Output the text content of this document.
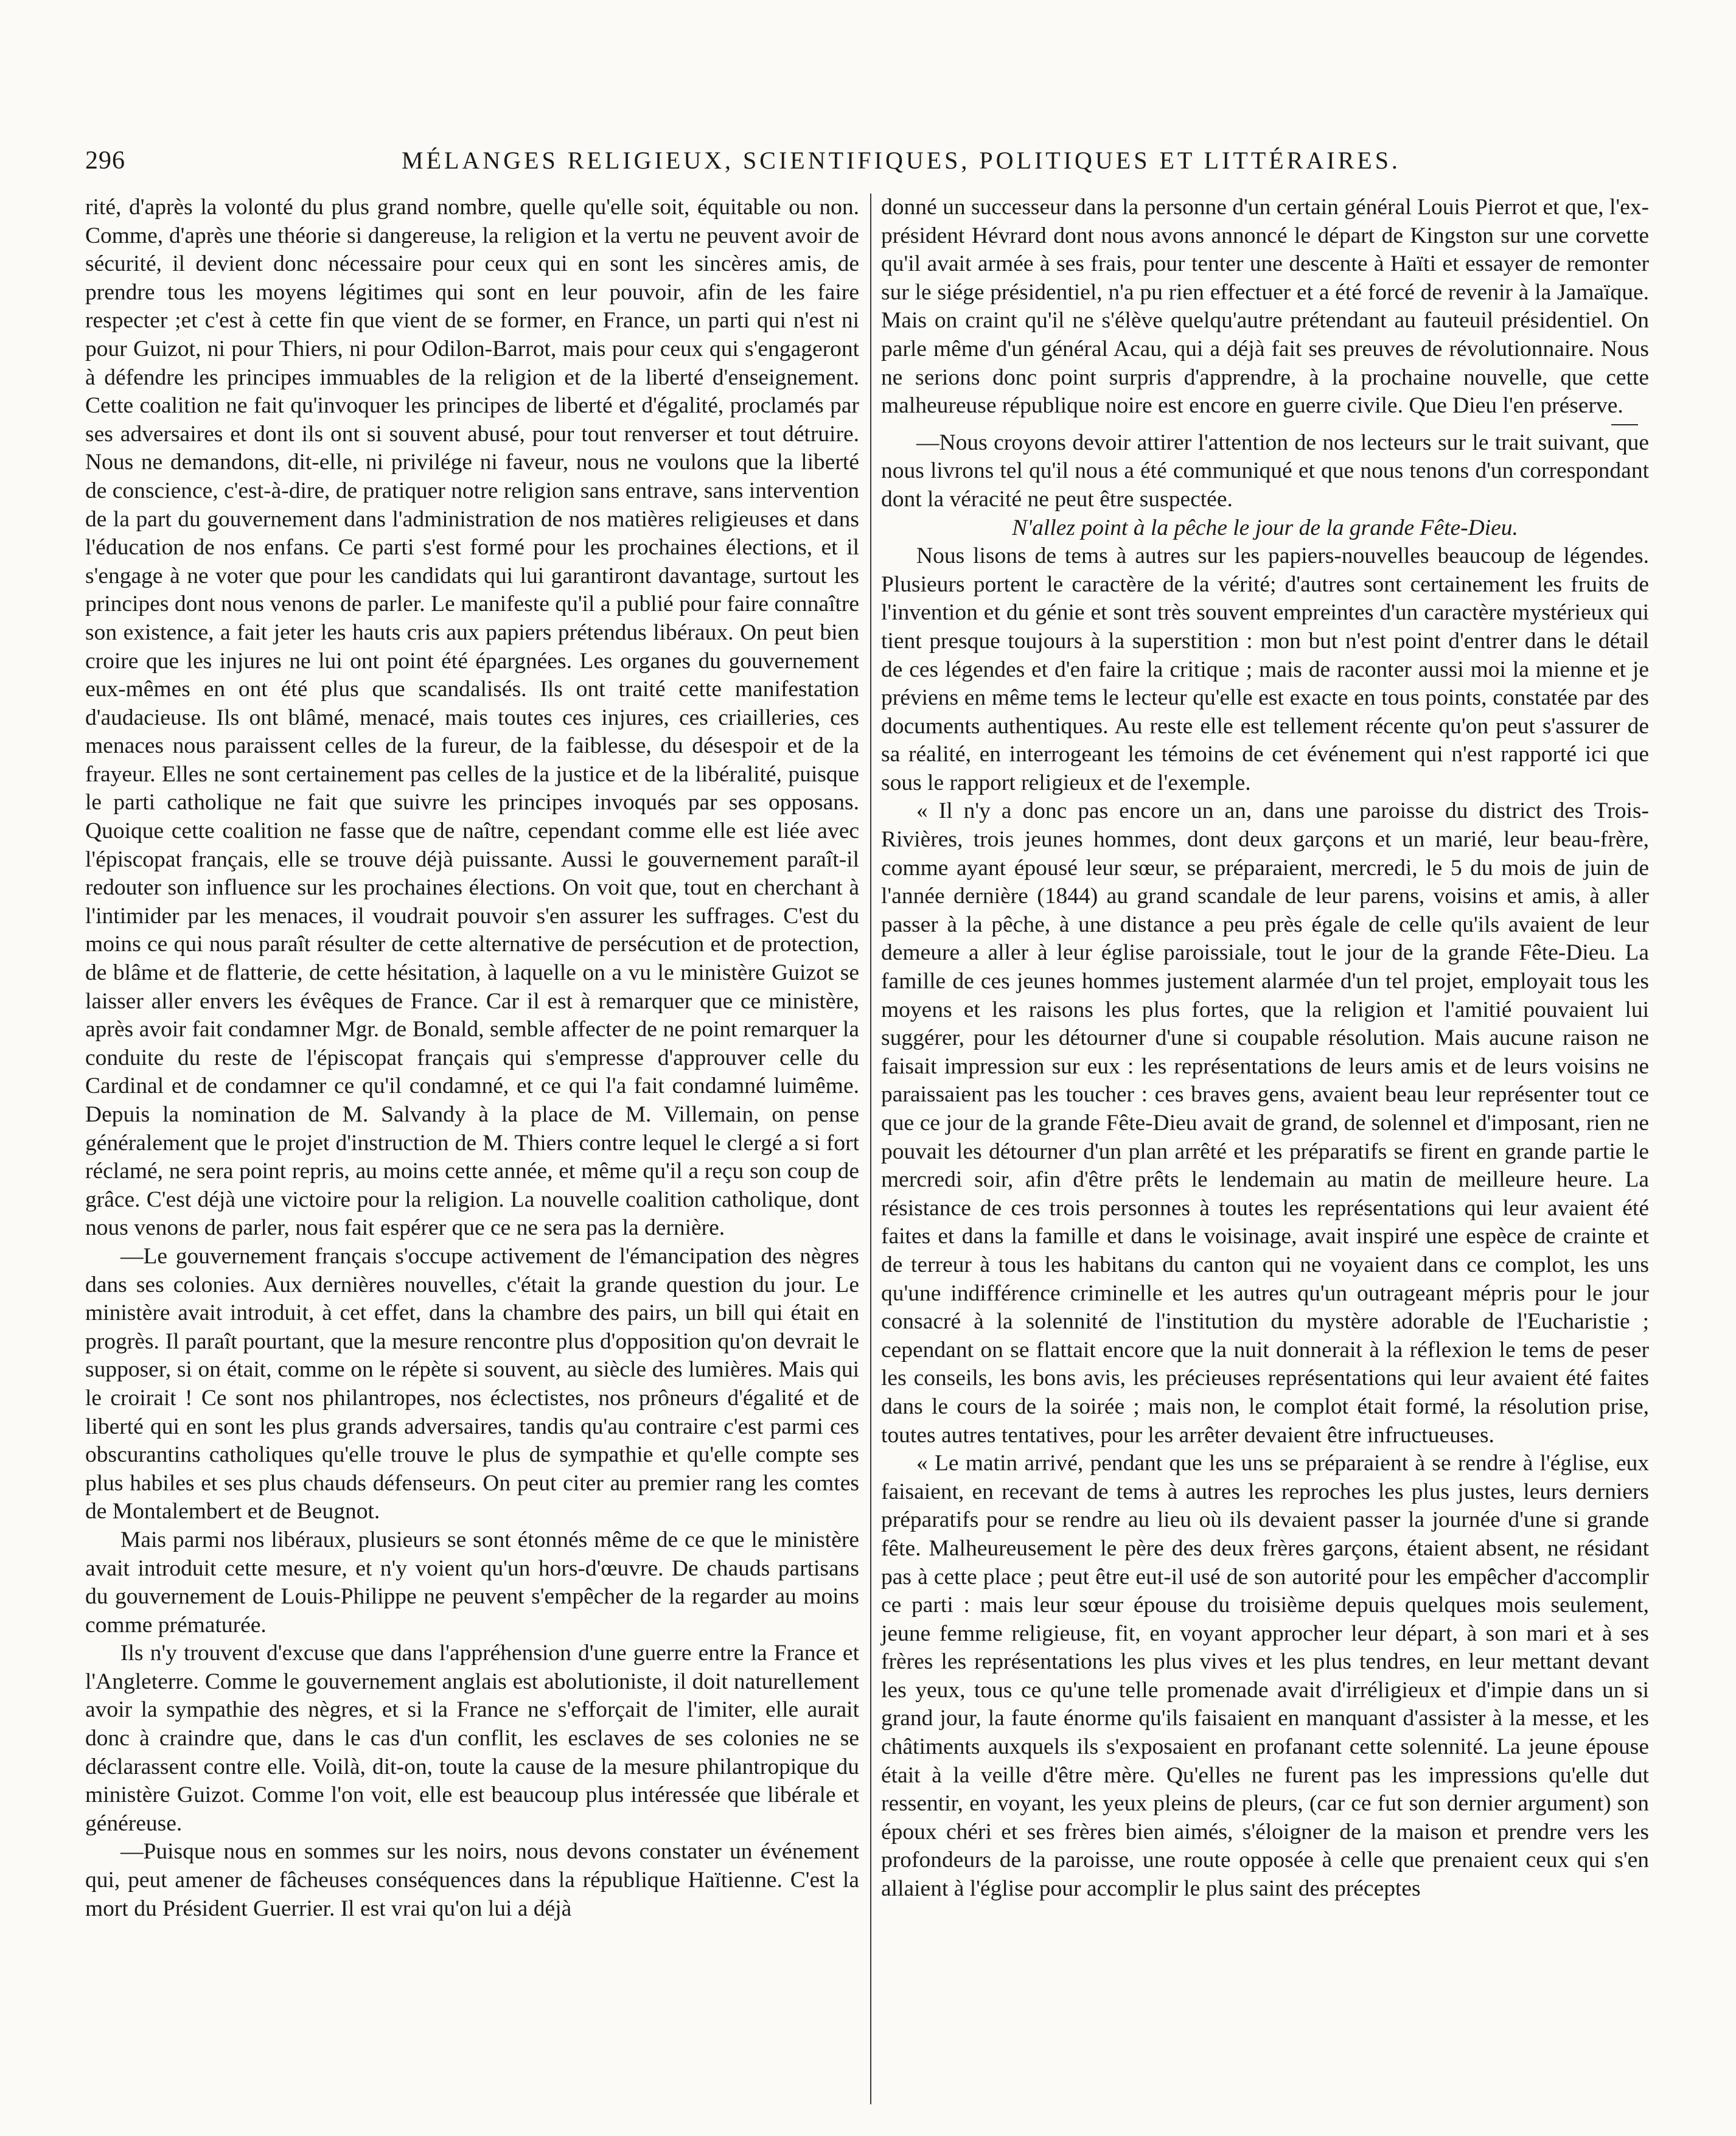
296	MÉLANGES RELIGIEUX, SCIENTIFIQUES, POLITIQUES ET LITTÉRAIRES.

rité, d'après la volonté du plus grand nombre, quelle qu'elle soit, équitable ou non. Comme, d'après une théorie si dangereuse, la religion et la vertu ne peuvent avoir de sécurité, il devient donc nécessaire pour ceux qui en sont les sincères amis, de prendre tous les moyens légitimes qui sont en leur pouvoir, afin de les faire respecter ;et c'est à cette fin que vient de se former, en France, un parti qui n'est ni pour Guizot, ni pour Thiers, ni pour Odilon-Barrot, mais pour ceux qui s'engageront à défendre les principes immuables de la religion et de la liberté d'enseignement. Cette coalition ne fait qu'invoquer les principes de liberté et d'égalité, proclamés par ses adversaires et dont ils ont si souvent abusé, pour tout renverser et tout détruire. Nous ne demandons, dit-elle, ni privilége ni faveur, nous ne voulons que la liberté de conscience, c'est-à-dire, de pratiquer notre religion sans entrave, sans intervention de la part du gouvernement dans l'administration de nos matières religieuses et dans l'éducation de nos enfans. Ce parti s'est formé pour les prochaines élections, et il s'engage à ne voter que pour les candidats qui lui garantiront davantage, surtout les principes dont nous venons de parler. Le manifeste qu'il a publié pour faire connaître son existence, a fait jeter les hauts cris aux papiers prétendus libéraux. On peut bien croire que les injures ne lui ont point été épargnées. Les organes du gouvernement eux-mêmes en ont été plus que scandalisés. Ils ont traité cette manifestation d'audacieuse. Ils ont blâmé, menacé, mais toutes ces injures, ces criailleries, ces menaces nous paraissent celles de la fureur, de la faiblesse, du désespoir et de la frayeur. Elles ne sont certainement pas celles de la justice et de la libéralité, puisque le parti catholique ne fait que suivre les principes invoqués par ses opposans. Quoique cette coalition ne fasse que de naître, cependant comme elle est liée avec l'épiscopat français, elle se trouve déjà puissante. Aussi le gouvernement paraît-il redouter son influence sur les prochaines élections. On voit que, tout en cherchant à l'intimider par les menaces, il voudrait pouvoir s'en assurer les suffrages. C'est du moins ce qui nous paraît résulter de cette alternative de persécution et de protection, de blâme et de flatterie, de cette hésitation, à laquelle on a vu le ministère Guizot se laisser aller envers les évêques de France. Car il est à remarquer que ce ministère, après avoir fait condamner Mgr. de Bonald, semble affecter de ne point remarquer la conduite du reste de l'épiscopat français qui s'empresse d'approuver celle du Cardinal et de condamner ce qu'il condamné, et ce qui l'a fait condamné luimême. Depuis la nomination de M. Salvandy à la place de M. Villemain, on pense généralement que le projet d'instruction de M. Thiers contre lequel le clergé a si fort réclamé, ne sera point repris, au moins cette année, et même qu'il a reçu son coup de grâce. C'est déjà une victoire pour la religion. La nouvelle coalition catholique, dont nous venons de parler, nous fait espérer que ce ne sera pas la dernière.

—Le gouvernement français s'occupe activement de l'émancipation des nègres dans ses colonies. Aux dernières nouvelles, c'était la grande question du jour. Le ministère avait introduit, à cet effet, dans la chambre des pairs, un bill qui était en progrès. Il paraît pourtant, que la mesure rencontre plus d'opposition qu'on devrait le supposer, si on était, comme on le répète si souvent, au siècle des lumières. Mais qui le croirait ! Ce sont nos philantropes, nos éclectistes, nos prôneurs d'égalité et de liberté qui en sont les plus grands adversaires, tandis qu'au contraire c'est parmi ces obscurantins catholiques qu'elle trouve le plus de sympathie et qu'elle compte ses plus habiles et ses plus chauds défenseurs. On peut citer au premier rang les comtes de Montalembert et de Beugnot.

Mais parmi nos libéraux, plusieurs se sont étonnés même de ce que le ministère avait introduit cette mesure, et n'y voient qu'un hors-d'œuvre. De chauds partisans du gouvernement de Louis-Philippe ne peuvent s'empêcher de la regarder au moins comme prématurée.

Ils n'y trouvent d'excuse que dans l'appréhension d'une guerre entre la France et l'Angleterre. Comme le gouvernement anglais est abolutioniste, il doit naturellement avoir la sympathie des nègres, et si la France ne s'efforçait de l'imiter, elle aurait donc à craindre que, dans le cas d'un conflit, les esclaves de ses colonies ne se déclarassent contre elle. Voilà, dit-on, toute la cause de la mesure philantropique du ministère Guizot. Comme l'on voit, elle est beaucoup plus intéressée que libérale et généreuse.

—Puisque nous en sommes sur les noirs, nous devons constater un événement qui, peut amener de fâcheuses conséquences dans la république Haïtienne. C'est la mort du Président Guerrier. Il est vrai qu'on lui a déjà

donné un successeur dans la personne d'un certain général Louis Pierrot et que, l'ex-président Hévrard dont nous avons annoncé le départ de Kingston sur une corvette qu'il avait armée à ses frais, pour tenter une descente à Haïti et essayer de remonter sur le siége présidentiel, n'a pu rien effectuer et a été forcé de revenir à la Jamaïque. Mais on craint qu'il ne s'élève quelqu'autre prétendant au fauteuil présidentiel. On parle même d'un général Acau, qui a déjà fait ses preuves de révolutionnaire. Nous ne serions donc point surpris d'apprendre, à la prochaine nouvelle, que cette malheureuse république noire est encore en guerre civile. Que Dieu l'en préserve.

—Nous croyons devoir attirer l'attention de nos lecteurs sur le trait suivant, que nous livrons tel qu'il nous a été communiqué et que nous tenons d'un correspondant dont la véracité ne peut être suspectée.

N'allez point à la pêche le jour de la grande Fête-Dieu.

Nous lisons de tems à autres sur les papiers-nouvelles beaucoup de légendes. Plusieurs portent le caractère de la vérité; d'autres sont certainement les fruits de l'invention et du génie et sont très souvent empreintes d'un caractère mystérieux qui tient presque toujours à la superstition : mon but n'est point d'entrer dans le détail de ces légendes et d'en faire la critique ; mais de raconter aussi moi la mienne et je préviens en même tems le lecteur qu'elle est exacte en tous points, constatée par des documents authentiques. Au reste elle est tellement récente qu'on peut s'assurer de sa réalité, en interrogeant les témoins de cet événement qui n'est rapporté ici que sous le rapport religieux et de l'exemple.

« Il n'y a donc pas encore un an, dans une paroisse du district des Trois-Rivières, trois jeunes hommes, dont deux garçons et un marié, leur beau-frère, comme ayant épousé leur sœur, se préparaient, mercredi, le 5 du mois de juin de l'année dernière (1844) au grand scandale de leur parens, voisins et amis, à aller passer à la pêche, à une distance a peu près égale de celle qu'ils avaient de leur demeure a aller à leur église paroissiale, tout le jour de la grande Fête-Dieu. La famille de ces jeunes hommes justement alarmée d'un tel projet, employait tous les moyens et les raisons les plus fortes, que la religion et l'amitié pouvaient lui suggérer, pour les détourner d'une si coupable résolution. Mais aucune raison ne faisait impression sur eux : les représentations de leurs amis et de leurs voisins ne paraissaient pas les toucher : ces braves gens, avaient beau leur représenter tout ce que ce jour de la grande Fête-Dieu avait de grand, de solennel et d'imposant, rien ne pouvait les détourner d'un plan arrêté et les préparatifs se firent en grande partie le mercredi soir, afin d'être prêts le lendemain au matin de meilleure heure. La résistance de ces trois personnes à toutes les représentations qui leur avaient été faites et dans la famille et dans le voisinage, avait inspiré une espèce de crainte et de terreur à tous les habitans du canton qui ne voyaient dans ce complot, les uns qu'une indifférence criminelle et les autres qu'un outrageant mépris pour le jour consacré à la solennité de l'institution du mystère adorable de l'Eucharistie ; cependant on se flattait encore que la nuit donnerait à la réflexion le tems de peser les conseils, les bons avis, les précieuses représentations qui leur avaient été faites dans le cours de la soirée ; mais non, le complot était formé, la résolution prise, toutes autres tentatives, pour les arrêter devaient être infructueuses.

« Le matin arrivé, pendant que les uns se préparaient à se rendre à l'église, eux faisaient, en recevant de tems à autres les reproches les plus justes, leurs derniers préparatifs pour se rendre au lieu où ils devaient passer la journée d'une si grande fête. Malheureusement le père des deux frères garçons, étaient absent, ne résidant pas à cette place ; peut être eut-il usé de son autorité pour les empêcher d'accomplir ce parti : mais leur sœur épouse du troisième depuis quelques mois seulement, jeune femme religieuse, fit, en voyant approcher leur départ, à son mari et à ses frères les représentations les plus vives et les plus tendres, en leur mettant devant les yeux, tous ce qu'une telle promenade avait d'irréligieux et d'impie dans un si grand jour, la faute énorme qu'ils faisaient en manquant d'assister à la messe, et les châtiments auxquels ils s'exposaient en profanant cette solennité. La jeune épouse était à la veille d'être mère. Qu'elles ne furent pas les impressions qu'elle dut ressentir, en voyant, les yeux pleins de pleurs, (car ce fut son dernier argument) son époux chéri et ses frères bien aimés, s'éloigner de la maison et prendre vers les profondeurs de la paroisse, une route opposée à celle que prenaient ceux qui s'en allaient à l'église pour accomplir le plus saint des préceptes
